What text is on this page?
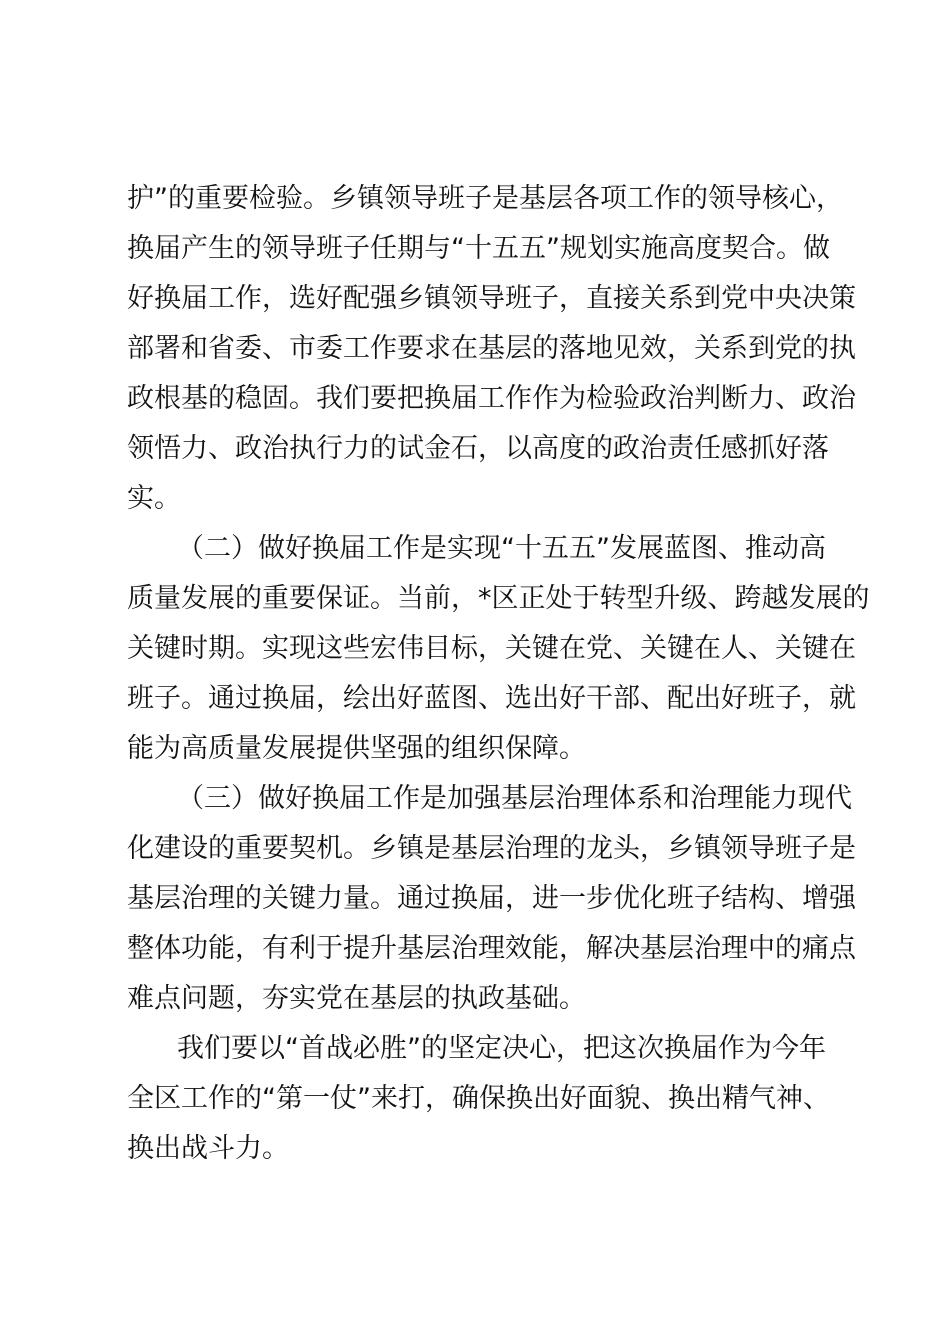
护”的重要检验。乡镇领导班子是基层各项工作的领导核心，
换届产生的领导班子任期与“十五五”规划实施高度契合。做
好换届工作，选好配强乡镇领导班子，直接关系到党中央决策
部署和省委、市委工作要求在基层的落地见效，关系到党的执
政根基的稳固。我们要把换届工作作为检验政治判断力、政治
领悟力、政治执行力的试金石，以高度的政治责任感抓好落
实。
（二）做好换届工作是实现“十五五”发展蓝图、推动高
质量发展的重要保证。当前，*区正处于转型升级、跨越发展的
关键时期。实现这些宏伟目标，关键在党、关键在人、关键在
班子。通过换届，绘出好蓝图、选出好干部、配出好班子，就
能为高质量发展提供坚强的组织保障。
（三）做好换届工作是加强基层治理体系和治理能力现代
化建设的重要契机。乡镇是基层治理的龙头，乡镇领导班子是
基层治理的关键力量。通过换届，进一步优化班子结构、增强
整体功能，有利于提升基层治理效能，解决基层治理中的痛点
难点问题，夯实党在基层的执政基础。
我们要以“首战必胜”的坚定决心，把这次换届作为今年
全区工作的“第一仗”来打，确保换出好面貌、换出精气神、
换出战斗力。
